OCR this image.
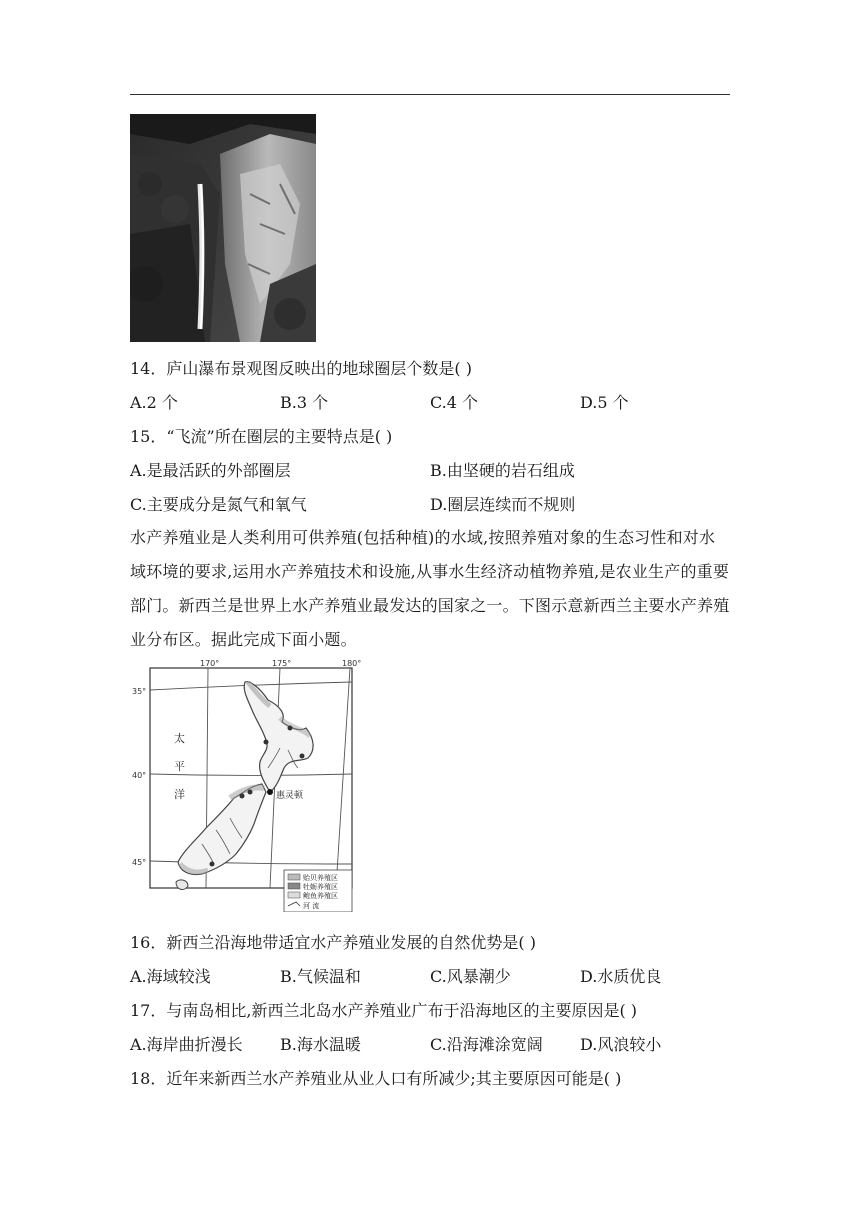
14．庐山瀑布景观图反映出的地球圈层个数是( )
A.2 个	B.3 个	C.4 个	D.5 个
15．“飞流”所在圈层的主要特点是( )
A.是最活跃的外部圈层	B.由坚硬的岩石组成
C.主要成分是氮气和氧气	D.圈层连续而不规则
水产养殖业是人类利用可供养殖(包括种植)的水域,按照养殖对象的生态习性和对水域环境的要求,运用水产养殖技术和设施,从事水生经济动植物养殖,是农业生产的重要部门。新西兰是世界上水产养殖业最发达的国家之一。下图示意新西兰主要水产养殖业分布区。据此完成下面小题。
惠灵顿
太
平
洋
170°	175°	180°
35°
40°
45°
贻贝养殖区
牡蛎养殖区
鲍鱼养殖区
河 流
16．新西兰沿海地带适宜水产养殖业发展的自然优势是( )
A.海域较浅	B.气候温和	C.风暴潮少	D.水质优良
17．与南岛相比,新西兰北岛水产养殖业广布于沿海地区的主要原因是( )
A.海岸曲折漫长 B.海水温暖	C.沿海滩涂宽阔 D.风浪较小
18．近年来新西兰水产养殖业从业人口有所减少;其主要原因可能是( )
